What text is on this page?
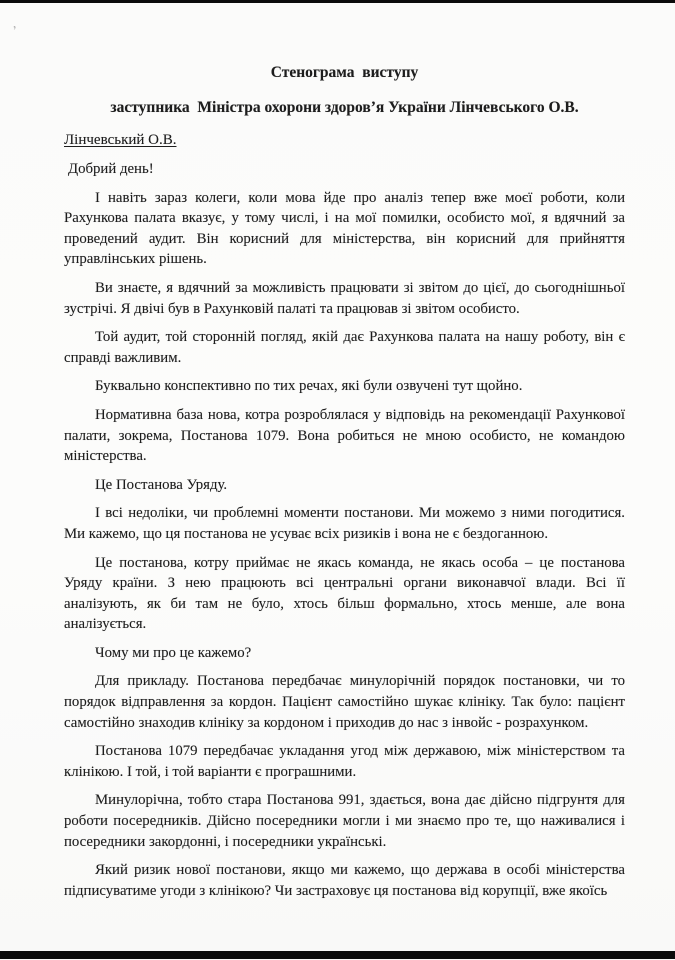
’
Стенограма  виступу
заступника  Міністра охорони здоров’я України Лінчевського О.В.

Лінчевський О.В.

Добрий день!

І навіть зараз колеги, коли мова йде про аналіз тепер вже моєї роботи, коли Рахункова палата вказує, у тому числі, і на мої помилки, особисто мої, я вдячний за проведений аудит. Він корисний для міністерства, він корисний для прийняття управлінських рішень.

Ви знаєте, я вдячний за можливість працювати зі звітом до цієї, до сьогоднішньої зустрічі. Я двічі був в Рахунковій палаті та працював зі звітом особисто.

Той аудит, той сторонній погляд, якій дає Рахункова палата на нашу роботу, він є справді важливим.

Буквально конспективно по тих речах, які були озвучені тут щойно.

Нормативна база нова, котра розроблялася у відповідь на рекомендації Рахункової палати, зокрема, Постанова 1079. Вона робиться не мною особисто, не командою міністерства.

Це Постанова Уряду.

І всі недоліки, чи проблемні моменти постанови. Ми можемо з ними погодитися. Ми кажемо, що ця постанова не усуває всіх ризиків і вона не є бездоганною.

Це постанова, котру приймає не якась команда, не якась особа – це постанова Уряду країни. З нею працюють всі центральні органи виконавчої влади. Всі її аналізують, як би там не було, хтось більш формально, хтось менше, але вона аналізується.

Чому ми про це кажемо?

Для прикладу. Постанова передбачає минулорічній порядок постановки, чи то порядок відправлення за кордон. Пацієнт самостійно шукає клініку. Так було: пацієнт самостійно знаходив клініку за кордоном і приходив до нас з інвойс - розрахунком.

Постанова 1079 передбачає укладання угод між державою, між міністерством та клінікою. І той, і той варіанти є програшними.

Минулорічна, тобто стара Постанова 991, здається, вона дає дійсно підгрунтя для роботи посередників. Дійсно посередники могли і ми знаємо про те, що наживалися і посередники закордонні, і посередники українські.

Який ризик нової постанови, якщо ми кажемо, що держава в особі міністерства підписуватиме угоди з клінікою? Чи застраховує ця постанова від корупції, вже якоїсь
